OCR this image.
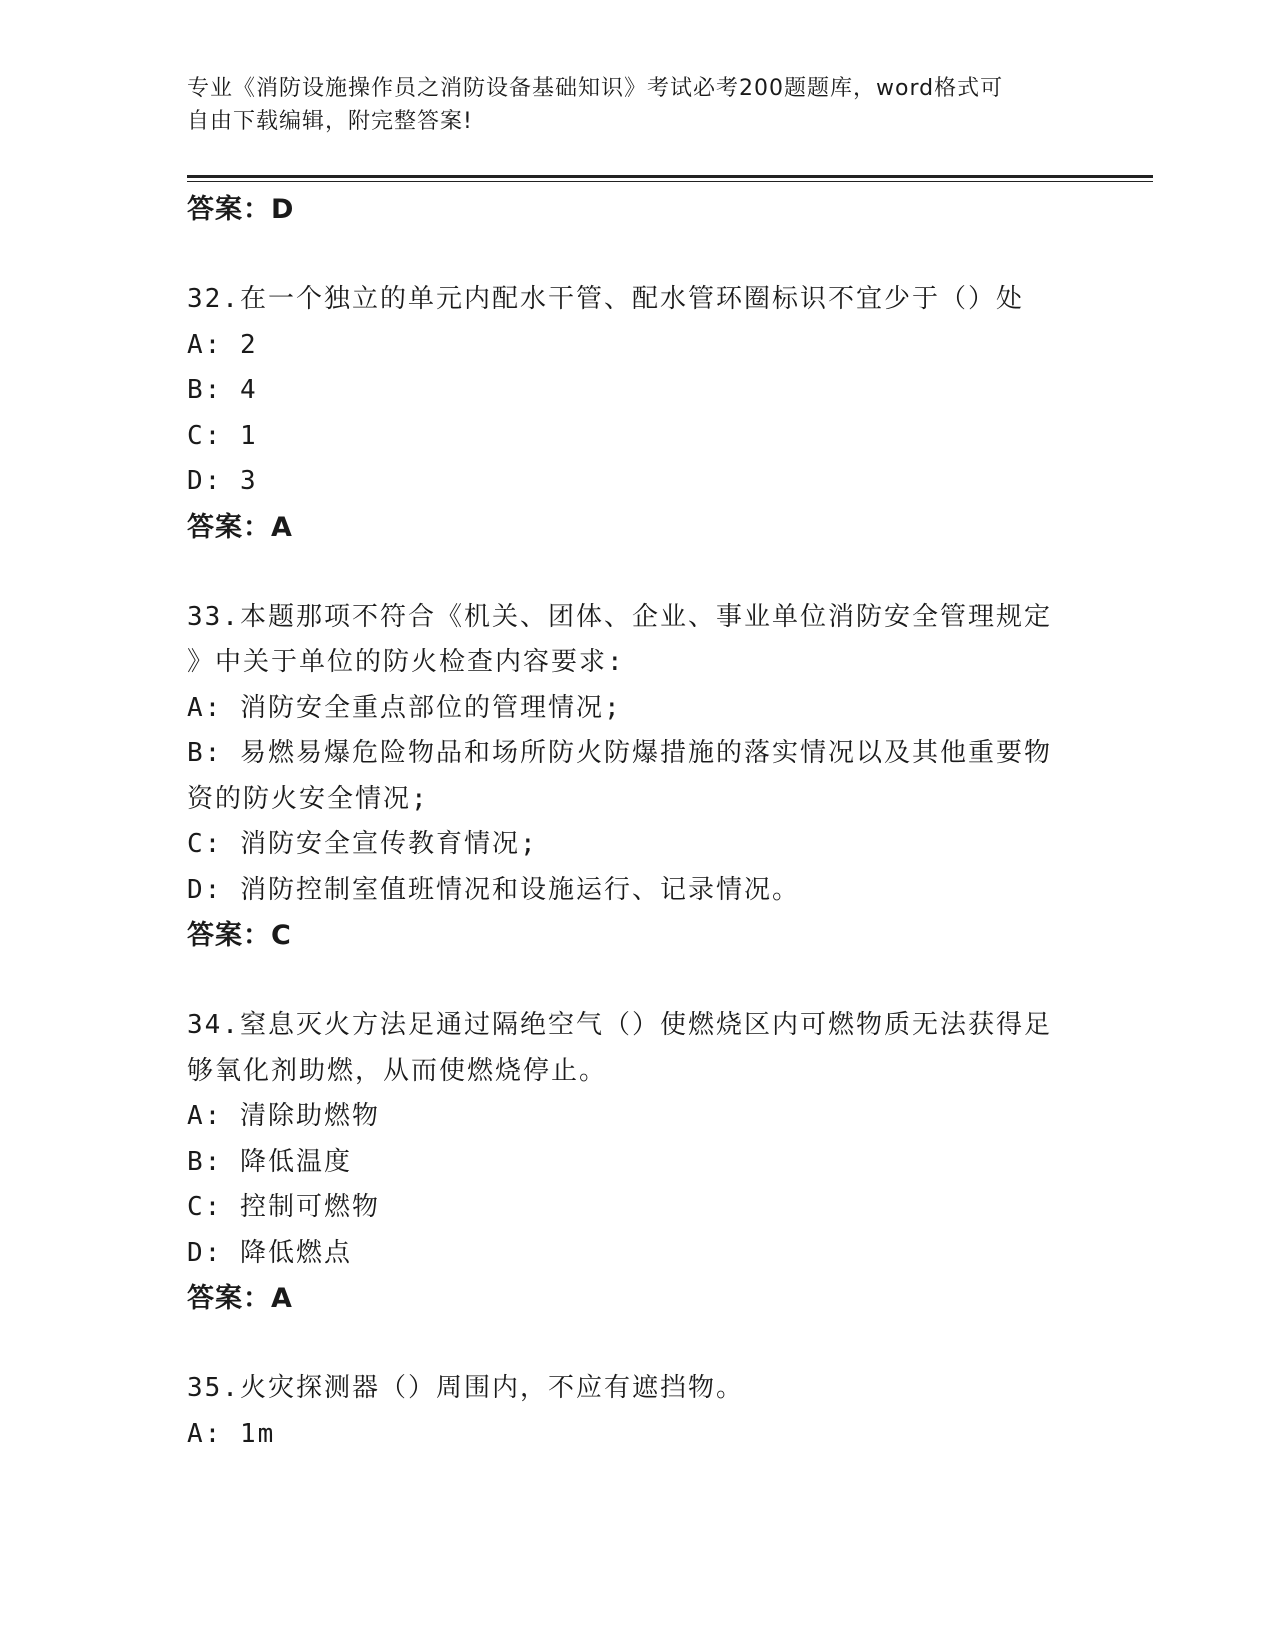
专业《消防设施操作员之消防设备基础知识》考试必考200题题库，word格式可
自由下载编辑，附完整答案!
答案：D
32.在一个独立的单元内配水干管、配水管环圈标识不宜少于（）处
A: 2
B: 4
C: 1
D: 3
答案：A
33.本题那项不符合《机关、团体、企业、事业单位消防安全管理规定
》中关于单位的防火检查内容要求:
A: 消防安全重点部位的管理情况;
B: 易燃易爆危险物品和场所防火防爆措施的落实情况以及其他重要物
资的防火安全情况;
C: 消防安全宣传教育情况;
D: 消防控制室值班情况和设施运行、记录情况。
答案：C
34.窒息灭火方法足通过隔绝空气（）使燃烧区内可燃物质无法获得足
够氧化剂助燃，从而使燃烧停止。
A: 清除助燃物
B: 降低温度
C: 控制可燃物
D: 降低燃点
答案：A
35.火灾探测器（）周围内，不应有遮挡物。
A: 1m
